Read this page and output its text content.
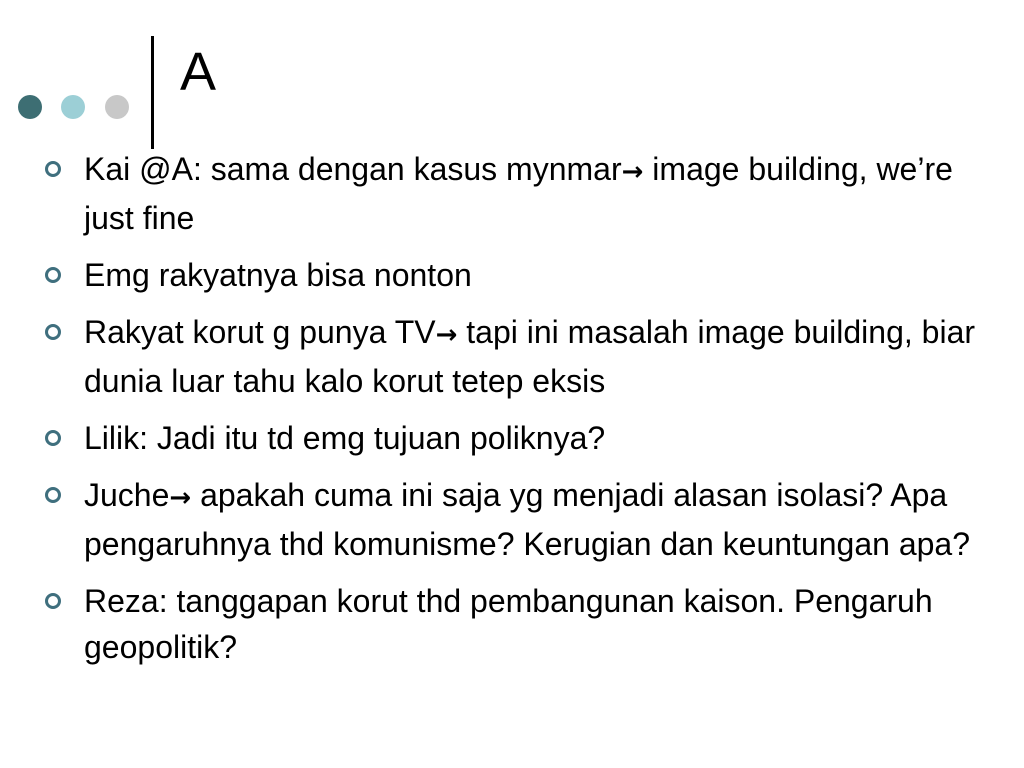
A
Kai @A: sama dengan kasus mynmar→ image building, we’re just fine
Emg rakyatnya bisa nonton
Rakyat korut g punya TV→ tapi ini masalah image building, biar dunia luar tahu kalo korut tetep eksis
Lilik: Jadi itu td emg tujuan poliknya?
Juche→ apakah cuma ini saja yg menjadi alasan isolasi? Apa pengaruhnya thd komunisme? Kerugian dan keuntungan apa?
Reza: tanggapan korut thd pembangunan kaison. Pengaruh geopolitik?
